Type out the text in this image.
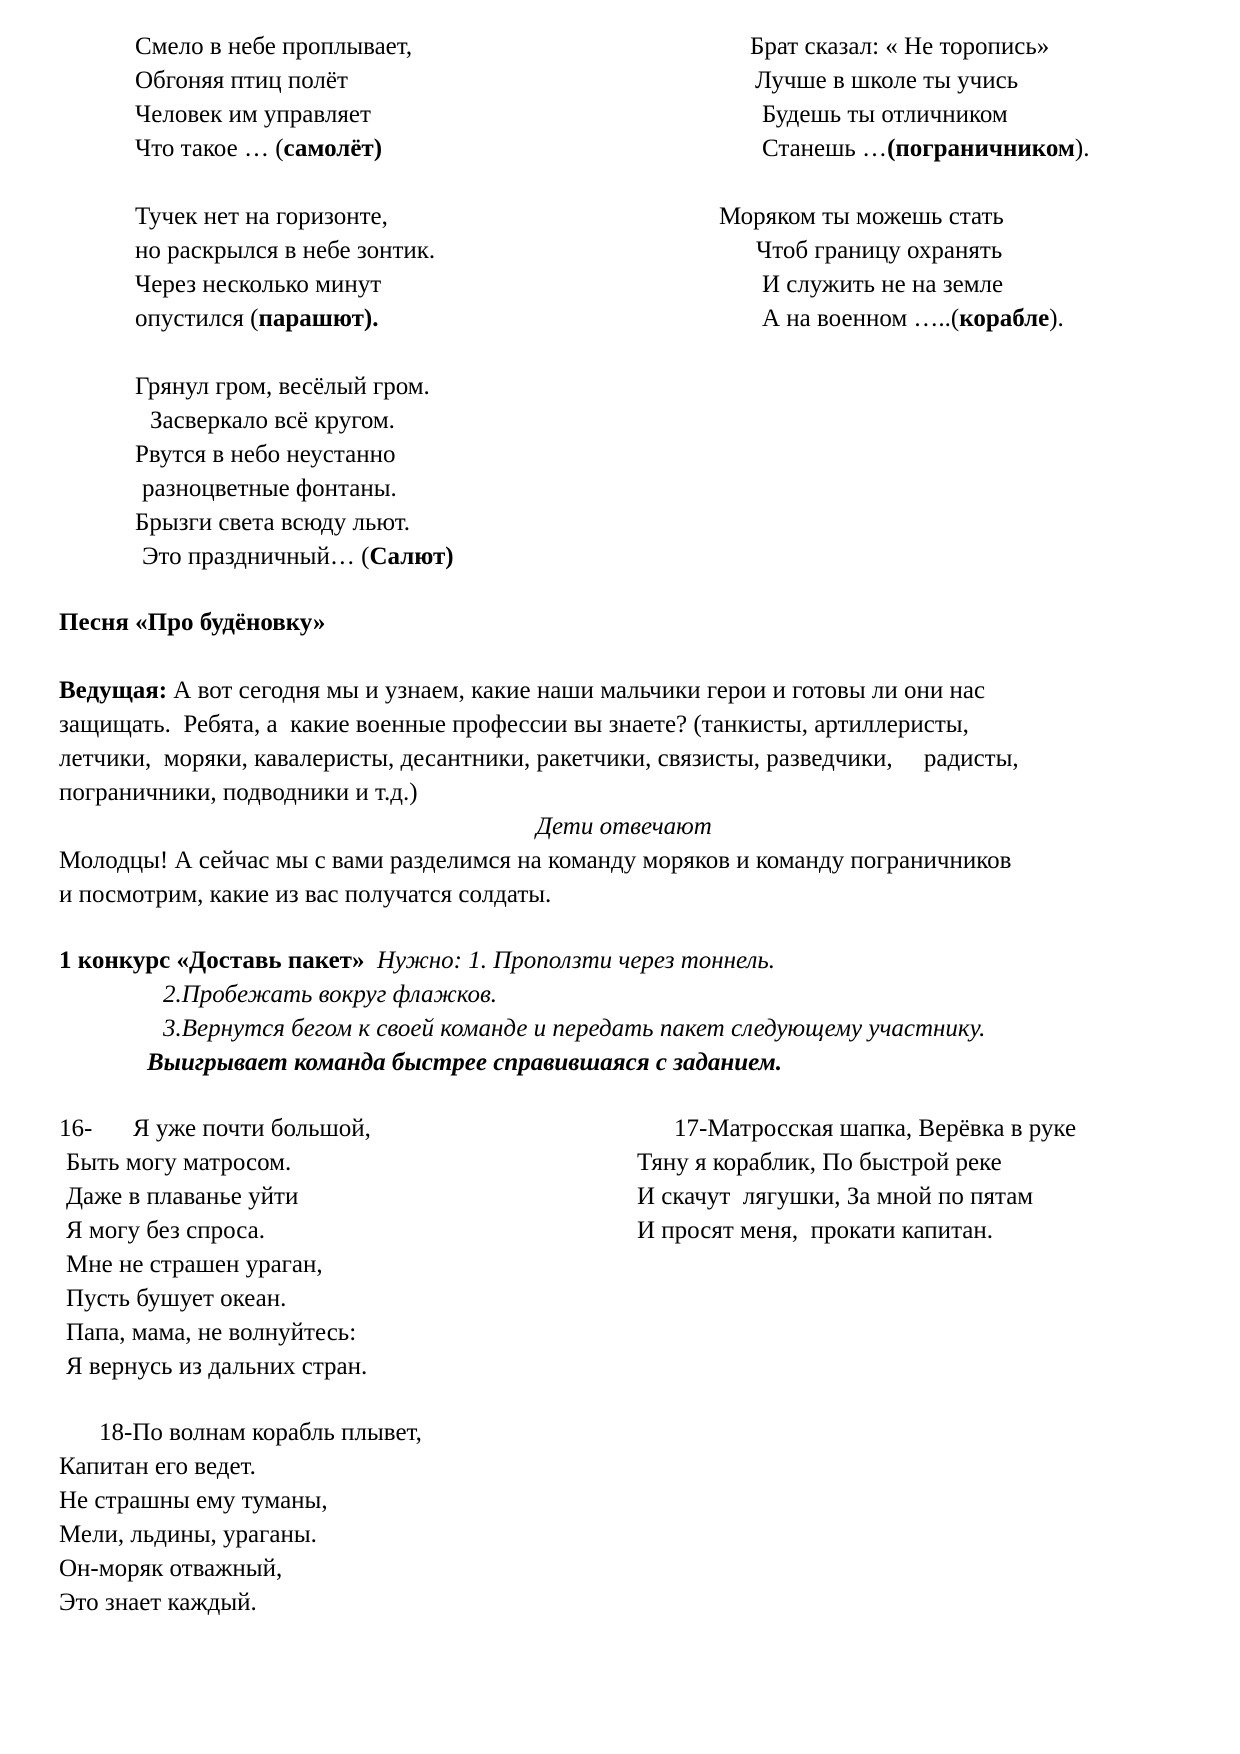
Смело в небе проплывает,
Обгоняя птиц полёт
Человек им управляет
Что такое … (самолёт)
Тучек нет на горизонте,
но раскрылся в небе зонтик.
Через несколько минут
опустился (парашют).
Грянул гром, весёлый гром.
Засверкало всё кругом.
Рвутся в небо неустанно
разноцветные фонтаны.
Брызги света всюду льют.
Это праздничный… (Салют)
Брат сказал: « Не торопись»
Лучше в школе ты учись
Будешь ты отличником
Станешь …(пограничником).
Моряком ты можешь стать
Чтоб границу охранять
И служить не на земле
А на военном …..(корабле).
Песня «Про будёновку»
Ведущая: А вот сегодня мы и узнаем, какие наши мальчики герои и готовы ли они нас
защищать.  Ребята, а  какие военные профессии вы знаете? (танкисты, артиллеристы,
летчики,  моряки, кавалеристы, десантники, ракетчики, связисты, разведчики,     радисты,
пограничники, подводники и т.д.)
Дети отвечают
Молодцы! А сейчас мы с вами разделимся на команду моряков и команду пограничников
и посмотрим, какие из вас получатся солдаты.
1 конкурс «Доставь пакет»  Нужно: 1. Проползти через тоннель.
2.Пробежать вокруг флажков.
3.Вернутся бегом к своей команде и передать пакет следующему участнику.
Выигрывает команда быстрее справившаяся с заданием.
16- Я уже почти большой,
Быть могу матросом.
Даже в плаванье уйти
Я могу без спроса.
Мне не страшен ураган,
Пусть бушует океан.
Папа, мама, не волнуйтесь:
Я вернусь из дальних стран.
17-Матросская шапка, Верёвка в руке
Тяну я кораблик, По быстрой реке
И скачут  лягушки, За мной по пятам
И просят меня,  прокати капитан.
18-По волнам корабль плывет,
Капитан его ведет.
Не страшны ему туманы,
Мели, льдины, ураганы.
Он-моряк отважный,
Это знает каждый.
